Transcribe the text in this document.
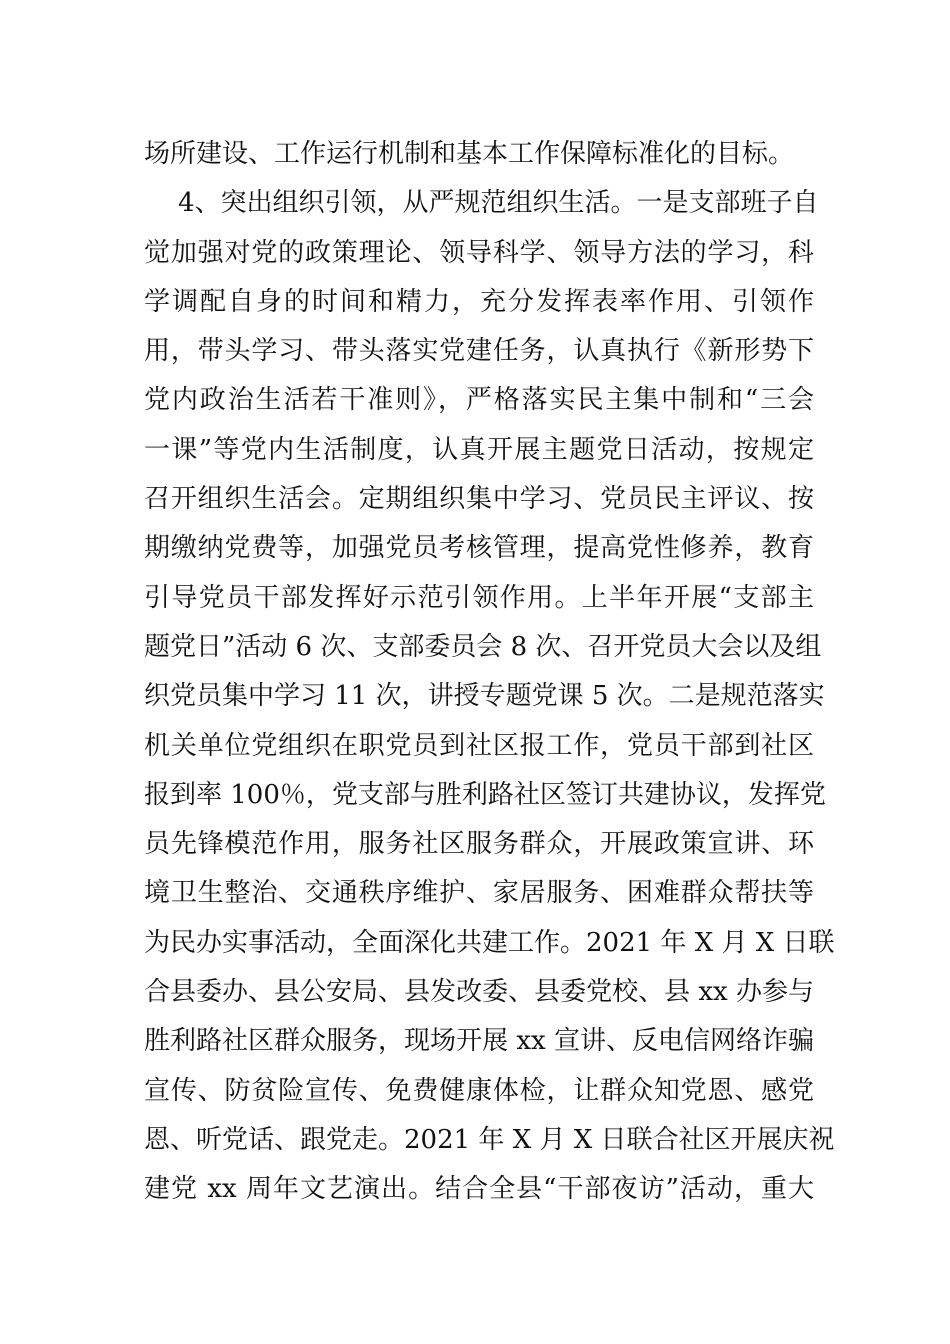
场所建设、工作运行机制和基本工作保障标准化的目标。
4、突出组织引领，从严规范组织生活。一是支部班子自
觉加强对党的政策理论、领导科学、领导方法的学习，科
学调配自身的时间和精力，充分发挥表率作用、引领作
用，带头学习、带头落实党建任务，认真执行《新形势下
党内政治生活若干准则》，严格落实民主集中制和“三会
一课”等党内生活制度，认真开展主题党日活动，按规定
召开组织生活会。定期组织集中学习、党员民主评议、按
期缴纳党费等，加强党员考核管理，提高党性修养，教育
引导党员干部发挥好示范引领作用。上半年开展“支部主
题党日”活动 6 次、支部委员会 8 次、召开党员大会以及组
织党员集中学习 11 次，讲授专题党课 5 次。二是规范落实
机关单位党组织在职党员到社区报工作，党员干部到社区
报到率 100％，党支部与胜利路社区签订共建协议，发挥党
员先锋模范作用，服务社区服务群众，开展政策宣讲、环
境卫生整治、交通秩序维护、家居服务、困难群众帮扶等
为民办实事活动，全面深化共建工作。2021 年 X 月 X 日联
合县委办、县公安局、县发改委、县委党校、县 xx 办参与
胜利路社区群众服务，现场开展 xx 宣讲、反电信网络诈骗
宣传、防贫险宣传、免费健康体检，让群众知党恩、感党
恩、听党话、跟党走。2021 年 X 月 X 日联合社区开展庆祝
建党 xx 周年文艺演出。结合全县“干部夜访”活动，重大
